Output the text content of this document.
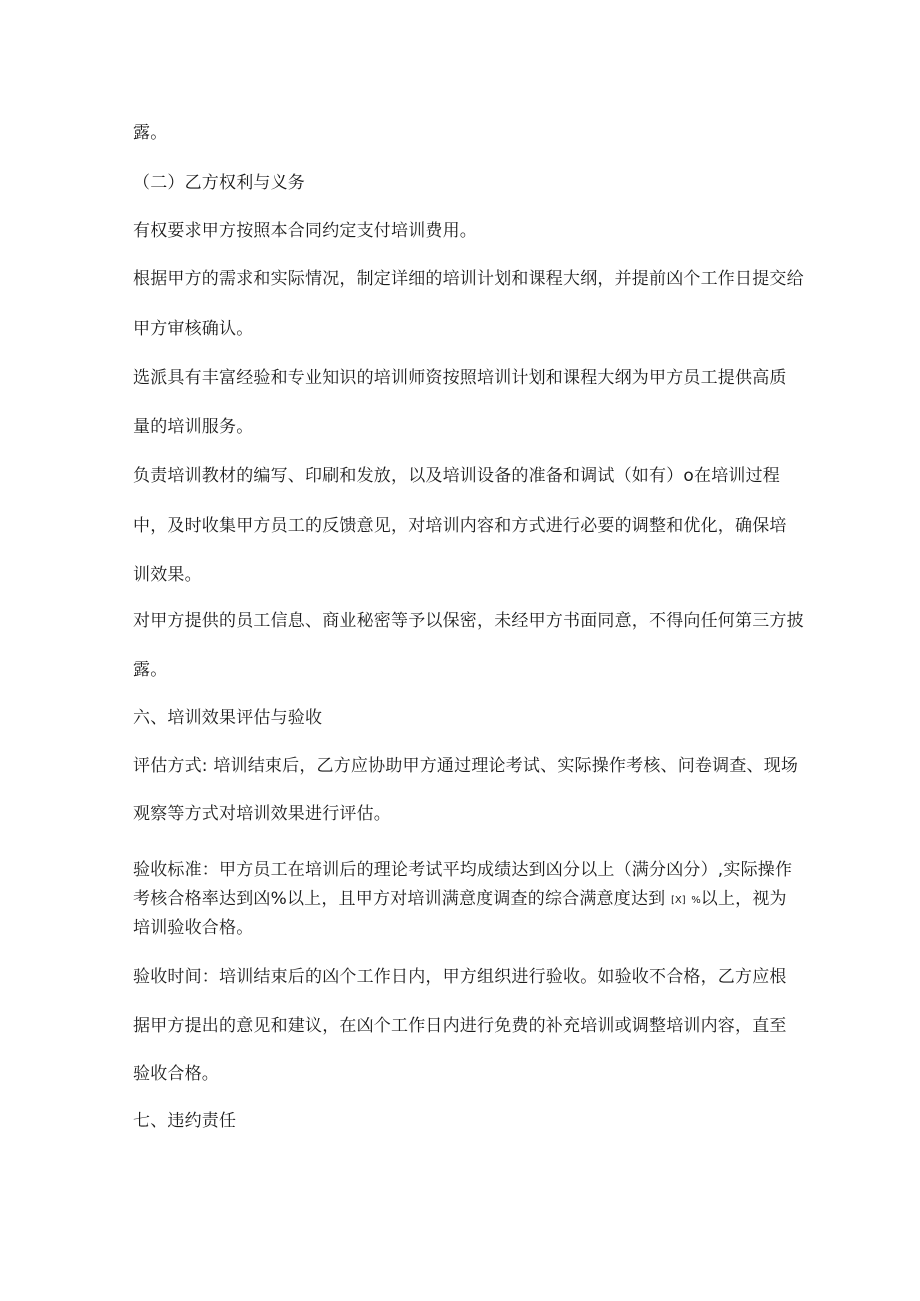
露。

（二）乙方权利与义务

有权要求甲方按照本合同约定支付培训费用。

根据甲方的需求和实际情况，制定详细的培训计划和课程大纲，并提前凶个工作日提交给

甲方审核确认。

选派具有丰富经验和专业知识的培训师资按照培训计划和课程大纲为甲方员工提供高质

量的培训服务。

负责培训教材的编写、印刷和发放，以及培训设备的准备和调试（如有）o在培训过程

中，及时收集甲方员工的反馈意见，对培训内容和方式进行必要的调整和优化，确保培

训效果。

对甲方提供的员工信息、商业秘密等予以保密，未经甲方书面同意，不得向任何第三方披

露。

六、培训效果评估与验收

评估方式: 培训结束后，乙方应协助甲方通过理论考试、实际操作考核、问卷调查、现场

观察等方式对培训效果进行评估。

验收标准：甲方员工在培训后的理论考试平均成绩达到凶分以上（满分凶分）,实际操作

考核合格率达到凶%以上，且甲方对培训满意度调查的综合满意度达到 [X] %以上，视为

培训验收合格。

验收时间：培训结束后的凶个工作日内，甲方组织进行验收。如验收不合格，乙方应根

据甲方提出的意见和建议，在凶个工作日内进行免费的补充培训或调整培训内容，直至

验收合格。

七、违约责任
